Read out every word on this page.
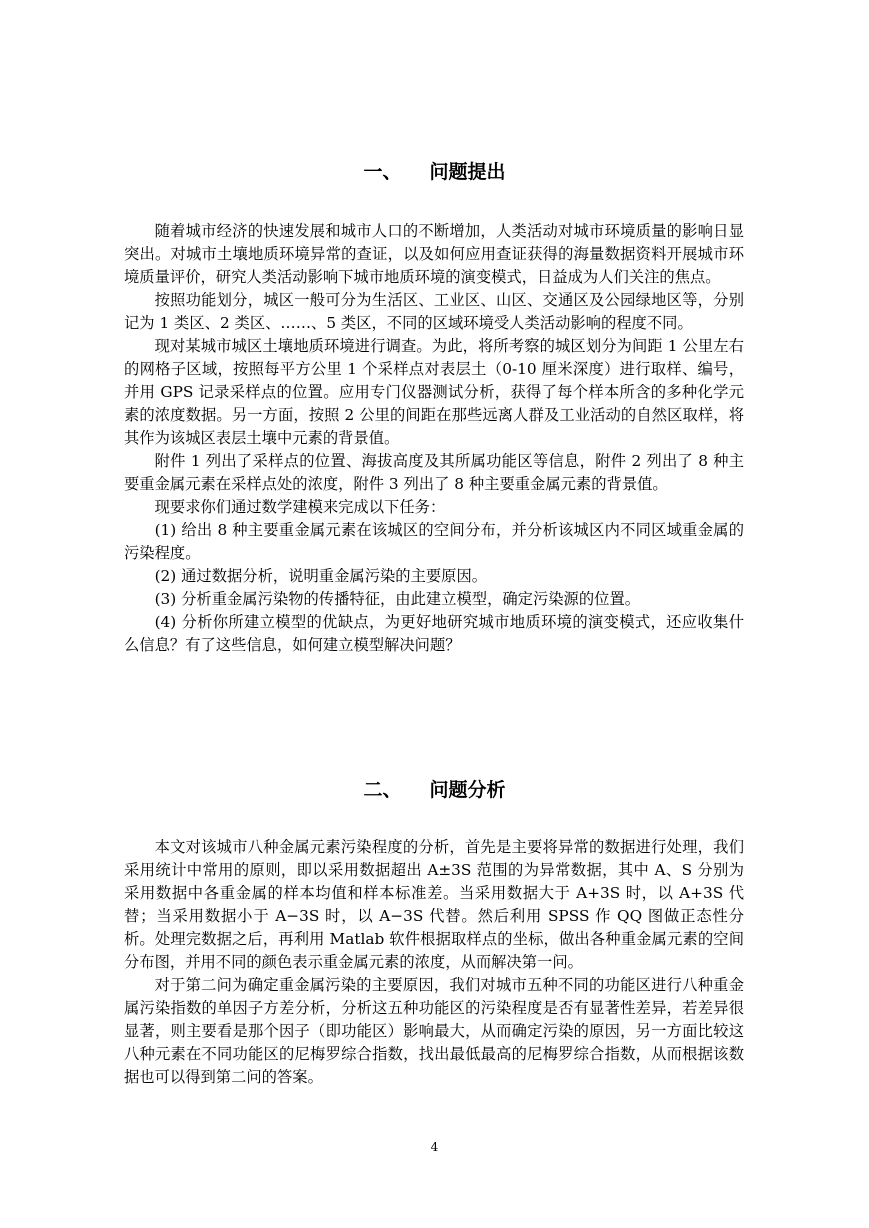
一、 问题提出

随着城市经济的快速发展和城市人口的不断增加，人类活动对城市环境质量的影响日显突出。对城市土壤地质环境异常的查证，以及如何应用查证获得的海量数据资料开展城市环境质量评价，研究人类活动影响下城市地质环境的演变模式，日益成为人们关注的焦点。

按照功能划分，城区一般可分为生活区、工业区、山区、交通区及公园绿地区等，分别记为 1 类区、2 类区、……、5 类区，不同的区域环境受人类活动影响的程度不同。

现对某城市城区土壤地质环境进行调查。为此，将所考察的城区划分为间距 1 公里左右的网格子区域，按照每平方公里 1 个采样点对表层土（0-10 厘米深度）进行取样、编号，并用 GPS 记录采样点的位置。应用专门仪器测试分析，获得了每个样本所含的多种化学元素的浓度数据。另一方面，按照 2 公里的间距在那些远离人群及工业活动的自然区取样，将其作为该城区表层土壤中元素的背景值。

附件 1 列出了采样点的位置、海拔高度及其所属功能区等信息，附件 2 列出了 8 种主要重金属元素在采样点处的浓度，附件 3 列出了 8 种主要重金属元素的背景值。

现要求你们通过数学建模来完成以下任务：

(1) 给出 8 种主要重金属元素在该城区的空间分布，并分析该城区内不同区域重金属的污染程度。

(2) 通过数据分析，说明重金属污染的主要原因。

(3) 分析重金属污染物的传播特征，由此建立模型，确定污染源的位置。

(4) 分析你所建立模型的优缺点，为更好地研究城市地质环境的演变模式，还应收集什么信息？有了这些信息，如何建立模型解决问题？

二、 问题分析

本文对该城市八种金属元素污染程度的分析，首先是主要将异常的数据进行处理，我们采用统计中常用的原则，即以采用数据超出 A±3S 范围的为异常数据，其中 A、S 分别为采用数据中各重金属的样本均值和样本标准差。当采用数据大于 A+3S 时，以 A+3S 代替；当采用数据小于 A−3S 时，以 A−3S 代替。然后利用 SPSS 作 QQ 图做正态性分析。处理完数据之后，再利用 Matlab 软件根据取样点的坐标，做出各种重金属元素的空间分布图，并用不同的颜色表示重金属元素的浓度，从而解决第一问。

对于第二问为确定重金属污染的主要原因，我们对城市五种不同的功能区进行八种重金属污染指数的单因子方差分析，分析这五种功能区的污染程度是否有显著性差异，若差异很显著，则主要看是那个因子（即功能区）影响最大，从而确定污染的原因，另一方面比较这八种元素在不同功能区的尼梅罗综合指数，找出最低最高的尼梅罗综合指数，从而根据该数据也可以得到第二问的答案。

4
